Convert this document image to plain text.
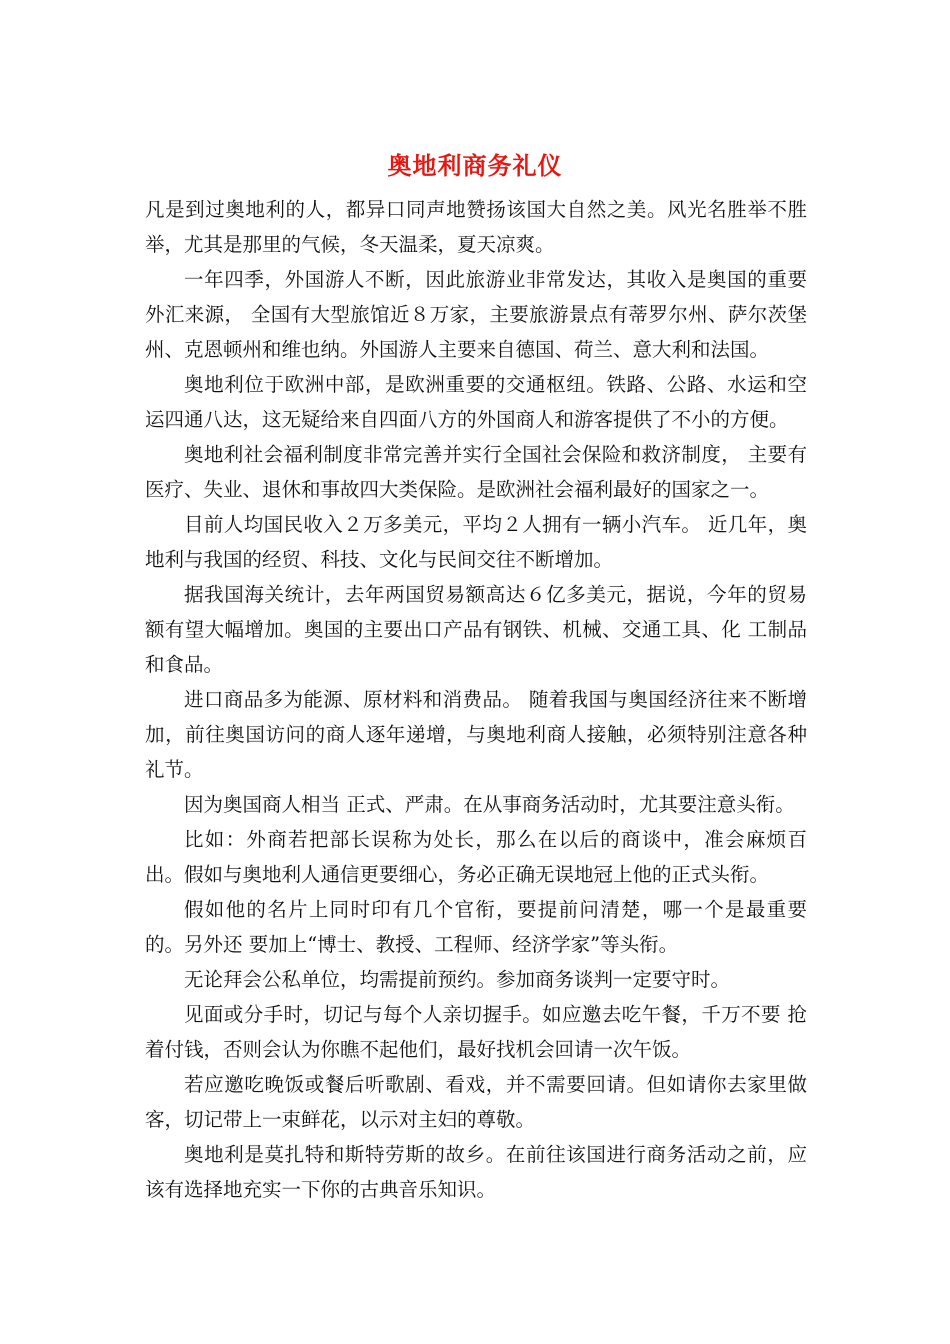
奥地利商务礼仪

凡是到过奥地利的人，都异口同声地赞扬该国大自然之美。风光名胜举不胜举，尤其是那里的气候，冬天温柔，夏天凉爽。

一年四季，外国游人不断，因此旅游业非常发达，其收入是奥国的重要外汇来源， 全国有大型旅馆近８万家，主要旅游景点有蒂罗尔州、萨尔茨堡州、克恩顿州和维也纳。外国游人主要来自德国、荷兰、意大利和法国。

奥地利位于欧洲中部，是欧洲重要的交通枢纽。铁路、公路、水运和空运四通八达，这无疑给来自四面八方的外国商人和游客提供了不小的方便。

奥地利社会福利制度非常完善并实行全国社会保险和救济制度， 主要有医疗、失业、退休和事故四大类保险。是欧洲社会福利最好的国家之一。

目前人均国民收入２万多美元，平均２人拥有一辆小汽车。 近几年，奥地利与我国的经贸、科技、文化与民间交往不断增加。

据我国海关统计，去年两国贸易额高达６亿多美元，据说，今年的贸易 额有望大幅增加。奥国的主要出口产品有钢铁、机械、交通工具、化 工制品和食品。

进口商品多为能源、原材料和消费品。 随着我国与奥国经济往来不断增加，前往奥国访问的商人逐年递增，与奥地利商人接触，必须特别注意各种礼节。

因为奥国商人相当 正式、严肃。在从事商务活动时，尤其要注意头衔。

比如：外商若把部长误称为处长，那么在以后的商谈中，准会麻烦百出。假如与奥地利人通信更要细心，务必正确无误地冠上他的正式头衔。

假如他的名片上同时印有几个官衔，要提前问清楚，哪一个是最重要的。另外还 要加上“博士、教授、工程师、经济学家”等头衔。

无论拜会公私单位，均需提前预约。参加商务谈判一定要守时。

见面或分手时，切记与每个人亲切握手。如应邀去吃午餐，千万不要 抢着付钱，否则会认为你瞧不起他们，最好找机会回请一次午饭。

若应邀吃晚饭或餐后听歌剧、看戏，并不需要回请。但如请你去家里做客，切记带上一束鲜花，以示对主妇的尊敬。

奥地利是莫扎特和斯特劳斯的故乡。在前往该国进行商务活动之前，应该有选择地充实一下你的古典音乐知识。
